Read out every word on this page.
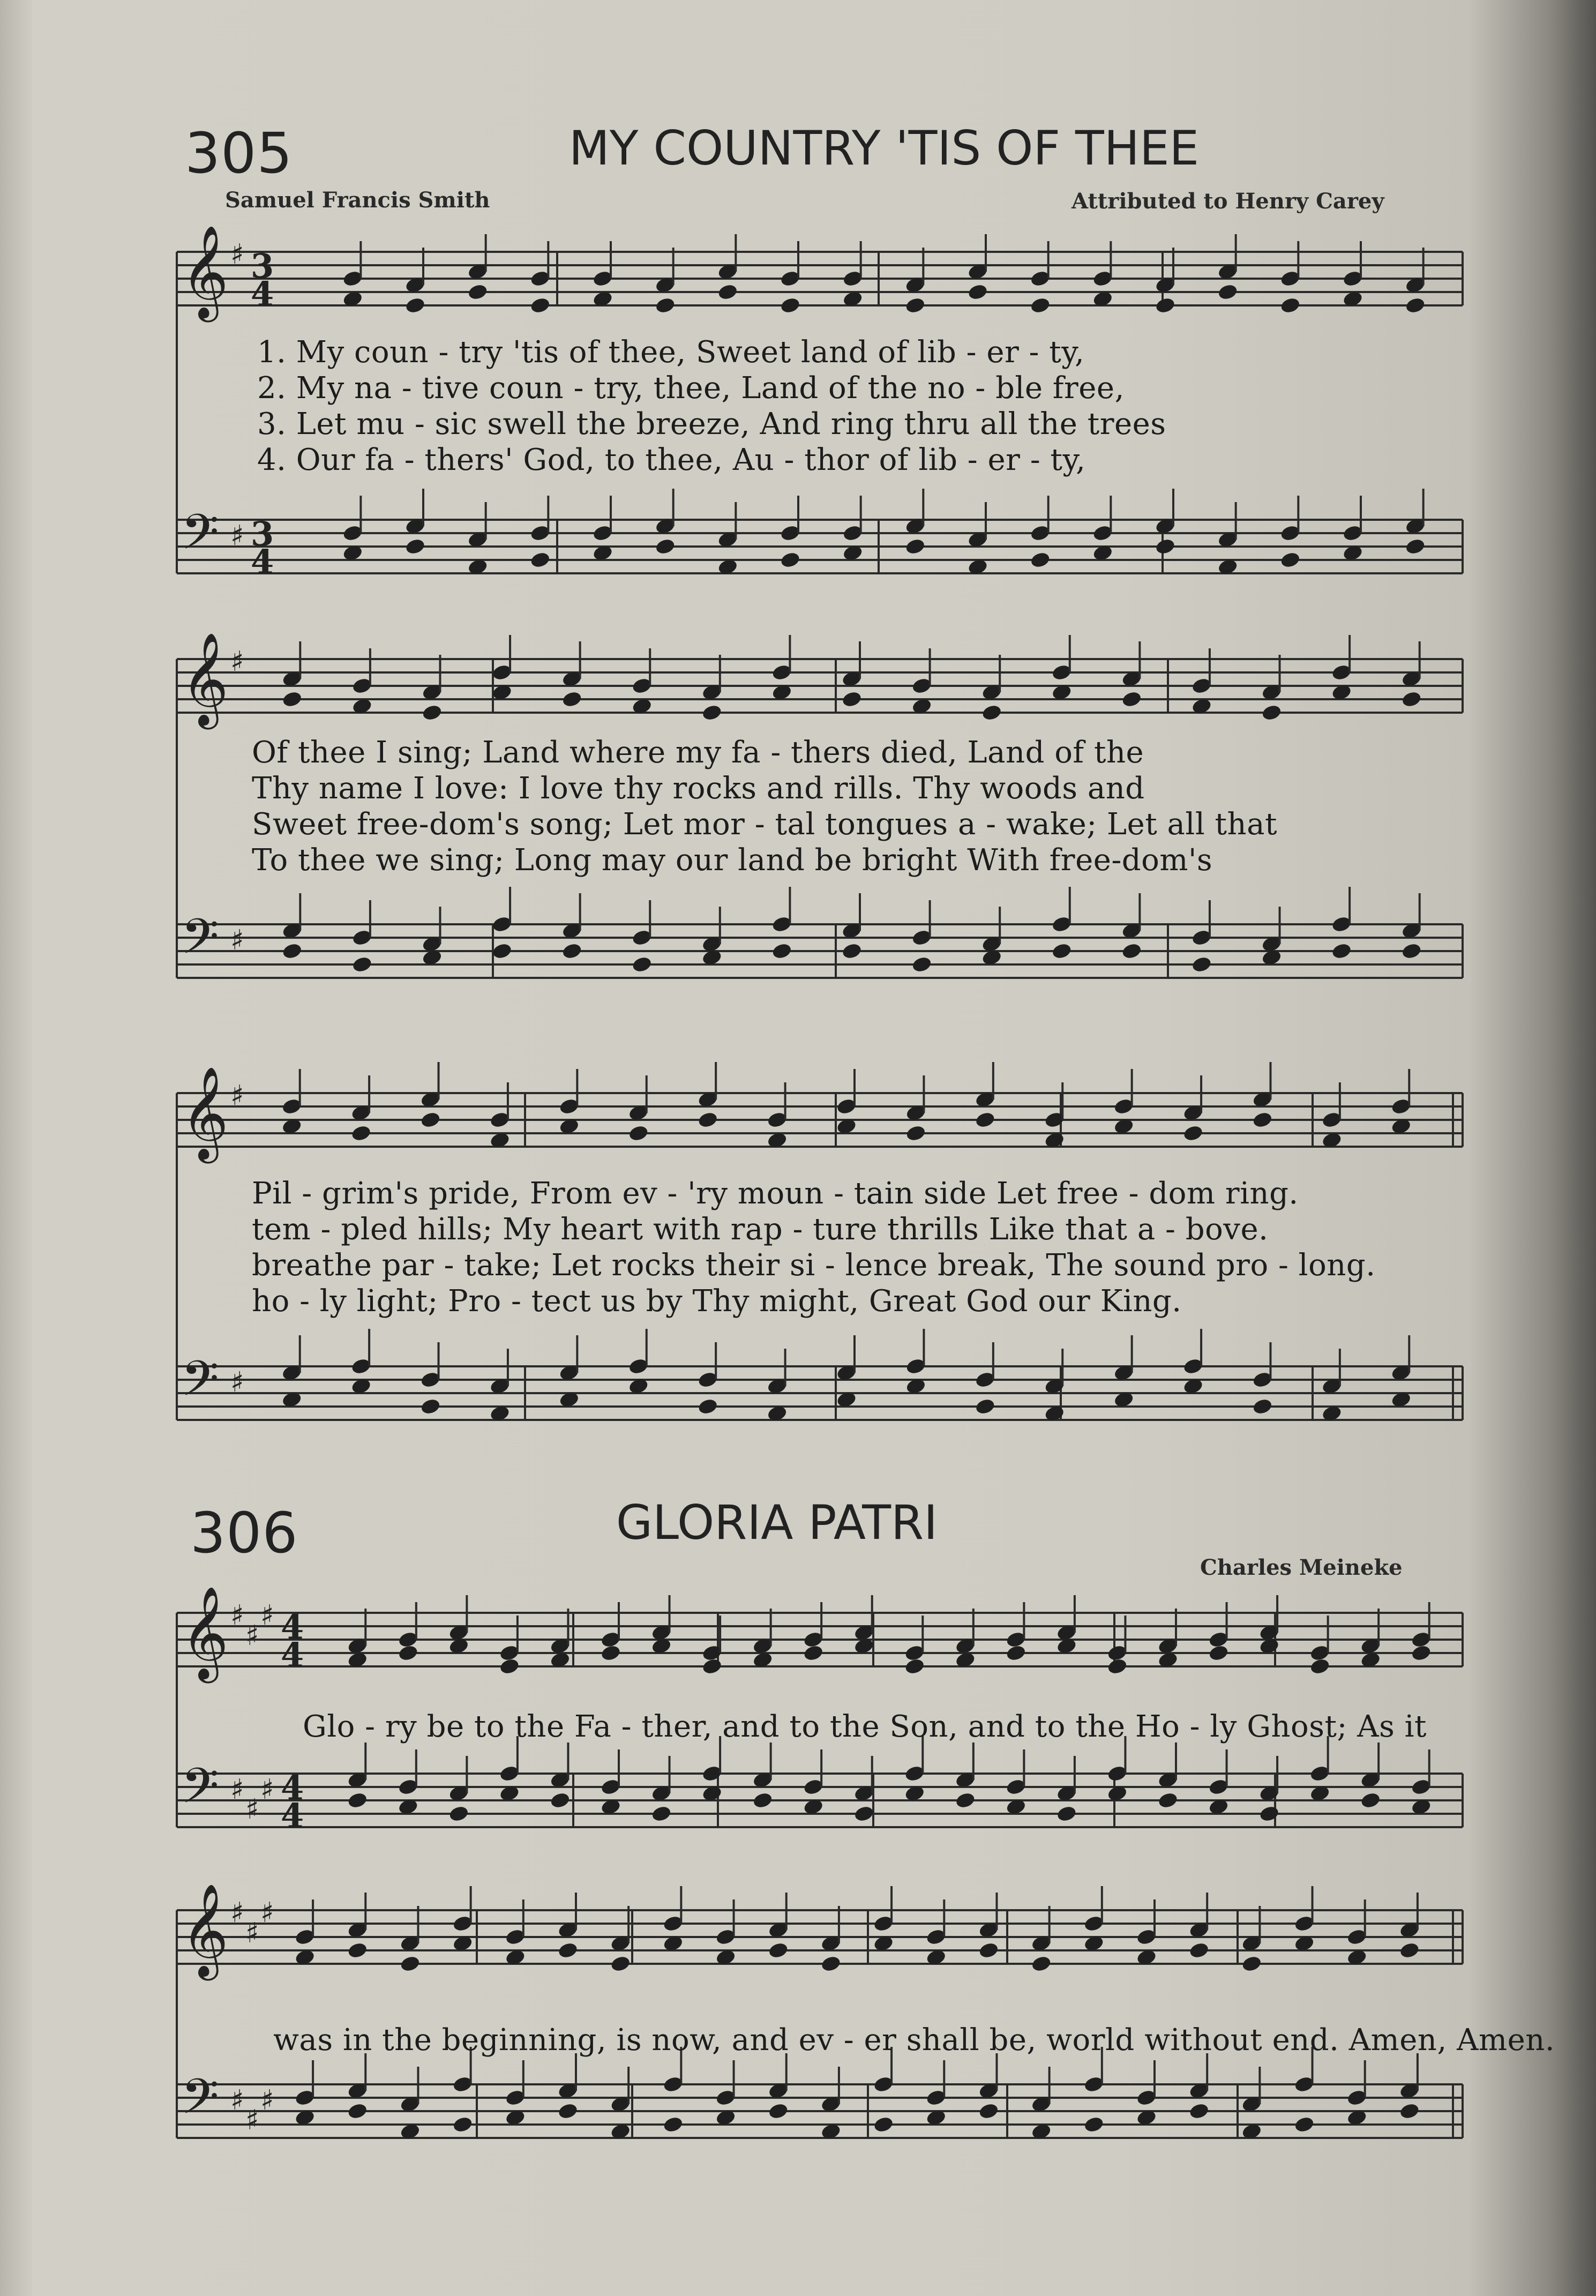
305	MY COUNTRY 'TIS OF THEE
Samuel Francis Smith	Attributed to Henry Carey
𝄞 ♯ 3
4
𝄢 ♯ 3
4
𝄞 ♯
𝄢 ♯
𝄞 ♯
𝄢 ♯
𝄞 ♯
♯
♯ 4
4
𝄢 ♯
♯
♯ 4
4
𝄞 ♯
♯
♯
𝄢 ♯
♯
♯
1. My coun - try 'tis of thee, Sweet land of lib - er - ty,
2. My na - tive coun - try, thee, Land of the no - ble free,
3. Let mu - sic swell the breeze, And ring thru all the trees
4. Our fa - thers' God, to thee, Au - thor of lib - er - ty,
Of thee I sing; Land where my fa - thers died, Land of the
Thy name I love: I love thy rocks and rills. Thy woods and
Sweet free-dom's song; Let mor - tal tongues a - wake; Let all that
To thee we sing; Long may our land be bright With free-dom's
Pil - grim's pride, From ev - 'ry moun - tain side Let free - dom ring.
tem - pled hills; My heart with rap - ture thrills Like that a - bove.
breathe par - take; Let rocks their si - lence break, The sound pro - long.
ho - ly light; Pro - tect us by Thy might, Great God our King.
306	GLORIA PATRI
Charles Meineke
Glo - ry be to the Fa - ther, and to the Son, and to the Ho - ly Ghost; As it
was in the beginning, is now, and ev - er shall be, world without end. Amen, Amen.
